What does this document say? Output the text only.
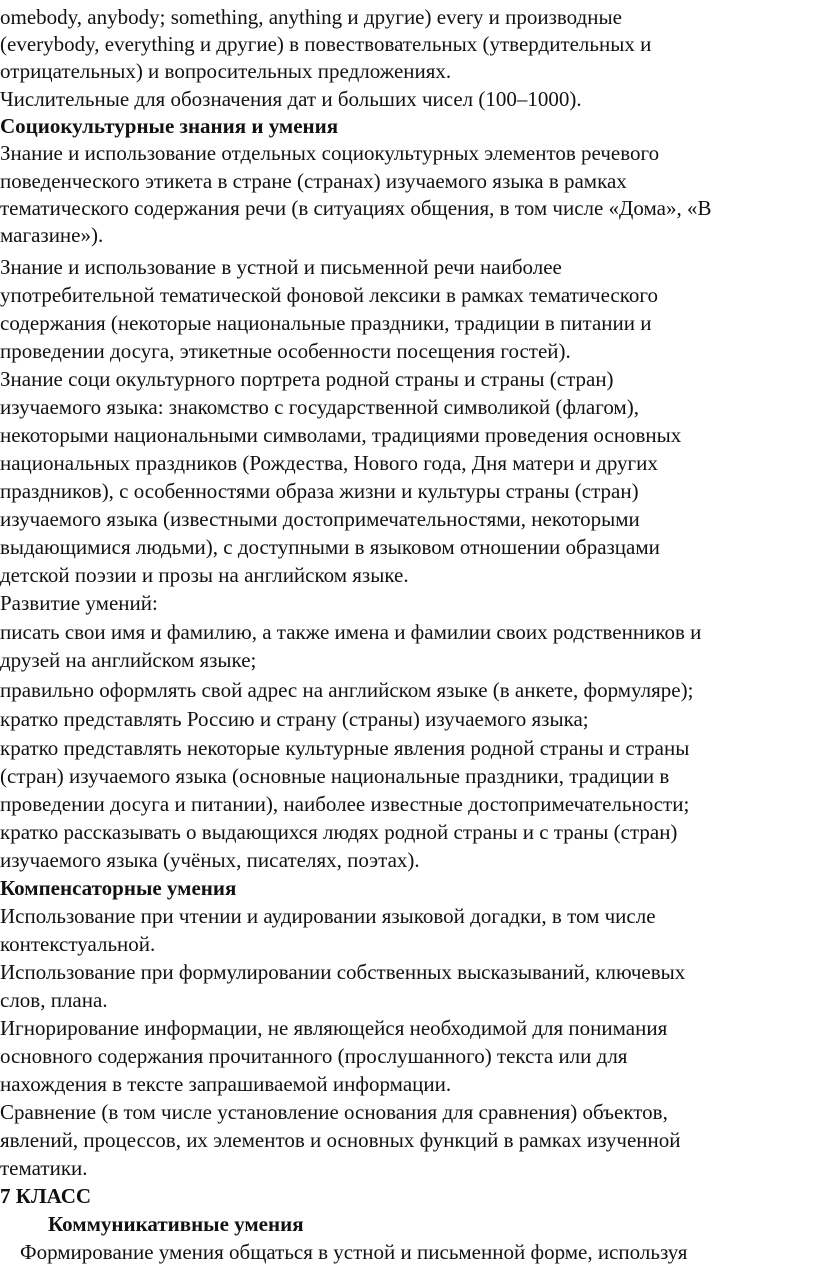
omebody, anybody; something, anything и другие) every и производные
(everybody, everything и другие) в повествовательных (утвердительных и
отрицательных) и вопросительных предложениях.
Числительные для обозначения дат и больших чисел (100–1000).
Социокультурные знания и умения
Знание и использование отдельных социокультурных элементов речевого
поведенческого этикета в стране (странах) изучаемого языка в рамках
тематического содержания речи (в ситуациях общения, в том числе «Дома», «В
магазине»).
Знание и использование в устной и письменной речи наиболее
употребительной тематической фоновой лексики в рамках тематического
содержания (некоторые национальные праздники, традиции в питании и
проведении досуга, этикетные особенности посещения гостей).
Знание соци окультурного портрета родной страны и страны (стран)
изучаемого языка: знакомство с государственной символикой (флагом),
некоторыми национальными символами, традициями проведения основных
национальных праздников (Рождества, Нового года, Дня матери и других
праздников), с особенностями образа жизни и культуры страны (стран)
изучаемого языка (известными достопримечательностями, некоторыми
выдающимися людьми), с доступными в языковом отношении образцами
детской поэзии и прозы на английском языке.
Развитие умений:
писать свои имя и фамилию, а также имена и фамилии своих родственников и
друзей на английском языке;
правильно оформлять свой адрес на английском языке (в анкете, формуляре);
кратко представлять Россию и страну (страны) изучаемого языка;
кратко представлять некоторые культурные явления родной страны и страны
(стран) изучаемого языка (основные национальные праздники, традиции в
проведении досуга и питании), наиболее известные достопримечательности;
кратко рассказывать о выдающихся людях родной страны и с траны (стран)
изучаемого языка (учёных, писателях, поэтах).
Компенсаторные умения
Использование при чтении и аудировании языковой догадки, в том числе
контекстуальной.
Использование при формулировании собственных высказываний, ключевых
слов, плана.
Игнорирование информации, не являющейся необходимой для понимания
основного содержания прочитанного (прослушанного) текста или для
нахождения в тексте запрашиваемой информации.
Сравнение (в том числе установление основания для сравнения) объектов,
явлений, процессов, их элементов и основных функций в рамках изученной
тематики.
7 КЛАСС
Коммуникативные умения
Формирование умения общаться в устной и письменной форме, используя
